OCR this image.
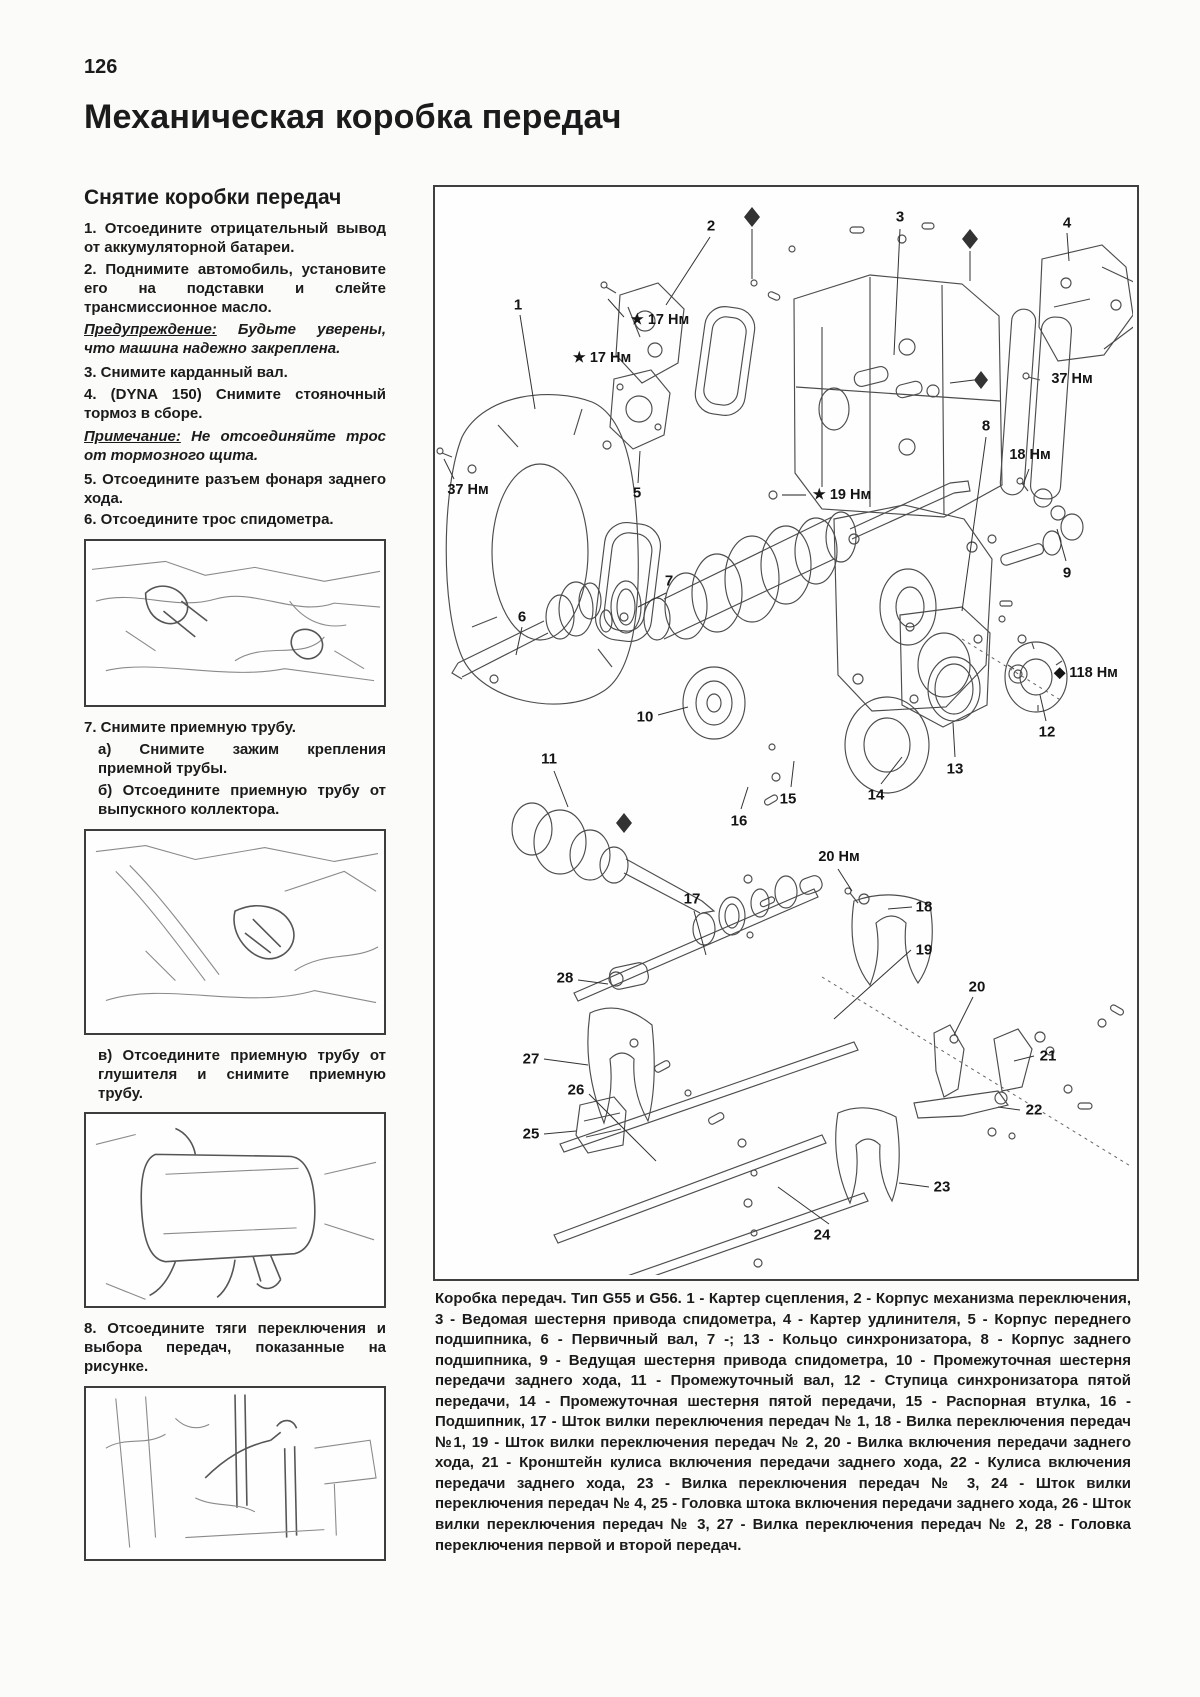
126
Механическая коробка передач
Снятие коробки передач

1. Отсоедините отрицательный вывод от аккумуляторной батареи.

2. Поднимите автомобиль, установите его на подставки и слейте трансмиссионное масло.

Предупреждение: Будьте уверены, что машина надежно закреплена.

3. Снимите карданный вал.

4. (DYNA 150) Снимите стояночный тормоз в сборе.

Примечание: Не отсоединяйте трос от тормозного щита.

5. Отсоедините разъем фонаря заднего хода.

6. Отсоедините трос спидометра.

7. Снимите приемную трубу.

а) Снимите зажим крепления приемной трубы.

б) Отсоедините приемную трубу от выпускного коллектора.

в) Отсоедините приемную трубу от глушителя и снимите приемную трубу.

8. Отсоедините тяги переключения и выбора передач, показанные на рисунке.

1
2
3	4
5
6
7
8
9
10
11
12
13
14
15
16
17	18
19
20
21
22
23
24
25
26
27
28
★ 17 Нм
★ 17 Нм
37 Нм
37 Нм
18 Нм
★ 19 Нм
◆ 118 Нм
20 Нм
Коробка передач. Тип G55 и G56. 1 - Картер сцепления, 2 - Корпус механизма переключения, 3 - Ведомая шестерня привода спидометра, 4 - Картер удлинителя, 5 - Корпус переднего подшипника, 6 - Первичный вал, 7 -; 13 - Кольцо синхронизатора, 8 - Корпус заднего подшипника, 9 - Ведущая шестерня привода спидометра, 10 - Промежуточная шестерня передачи заднего хода, 11 - Промежуточный вал, 12 - Ступица синхронизатора пятой передачи, 14 - Промежуточная шестерня пятой передачи, 15 - Распорная втулка, 16 - Подшипник, 17 - Шток вилки переключения передач № 1, 18 - Вилка переключения передач №1, 19 - Шток вилки переключения передач № 2, 20 - Вилка включения передачи заднего хода, 21 - Кронштейн кулиса включения передачи заднего хода, 22 - Кулиса включения передачи заднего хода, 23 - Вилка переключения передач № 3, 24 - Шток вилки переключения передач № 4, 25 - Головка штока включения передачи заднего хода, 26 - Шток вилки переключения передач № 3, 27 - Вилка переключения передач № 2, 28 - Головка переключения первой и второй передач.
